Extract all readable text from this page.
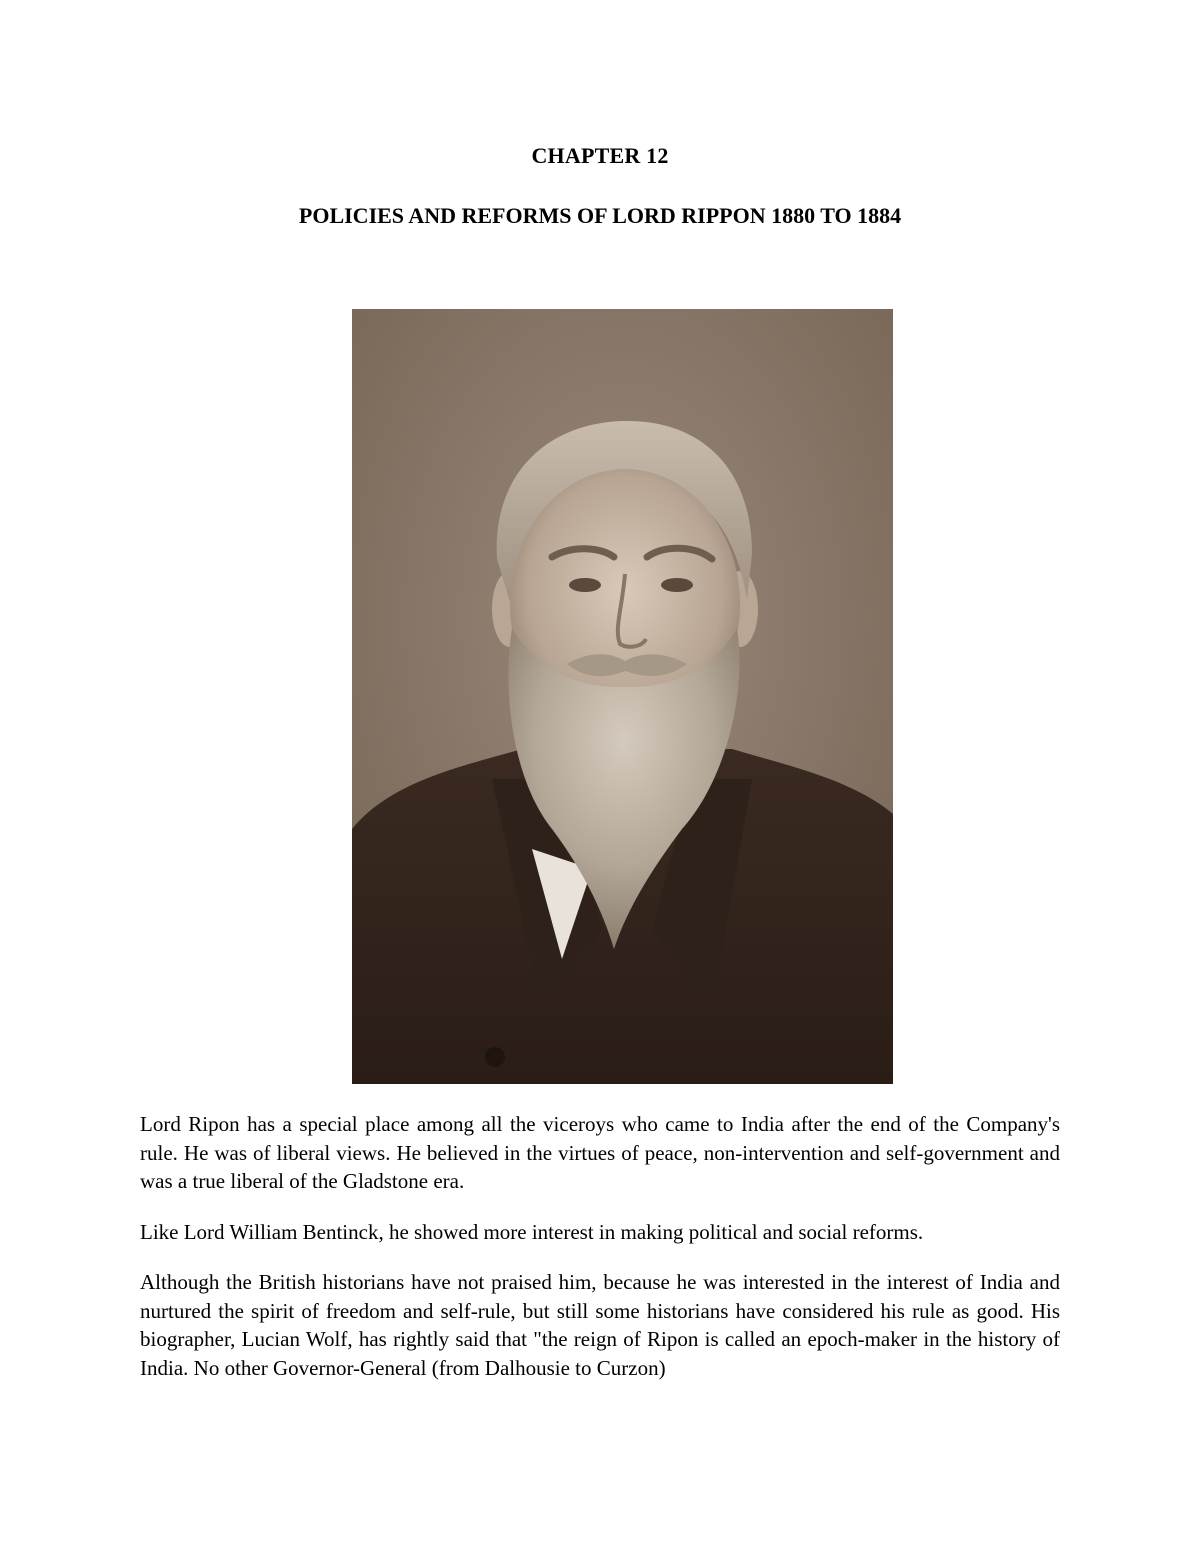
CHAPTER 12
POLICIES AND REFORMS OF LORD RIPPON 1880 TO 1884

Lord Ripon has a special place among all the viceroys who came to India after the end of the Company's rule. He was of liberal views. He believed in the virtues of peace, non-intervention and self-government and was a true liberal of the Gladstone era.

Like Lord William Bentinck, he showed more interest in making political and social reforms.

Although the British historians have not praised him, because he was interested in the interest of India and nurtured the spirit of freedom and self-rule, but still some historians have considered his rule as good. His biographer, Lucian Wolf, has rightly said that "the reign of Ripon is called an epoch-maker in the history of India. No other Governor-General (from Dalhousie to Curzon)
